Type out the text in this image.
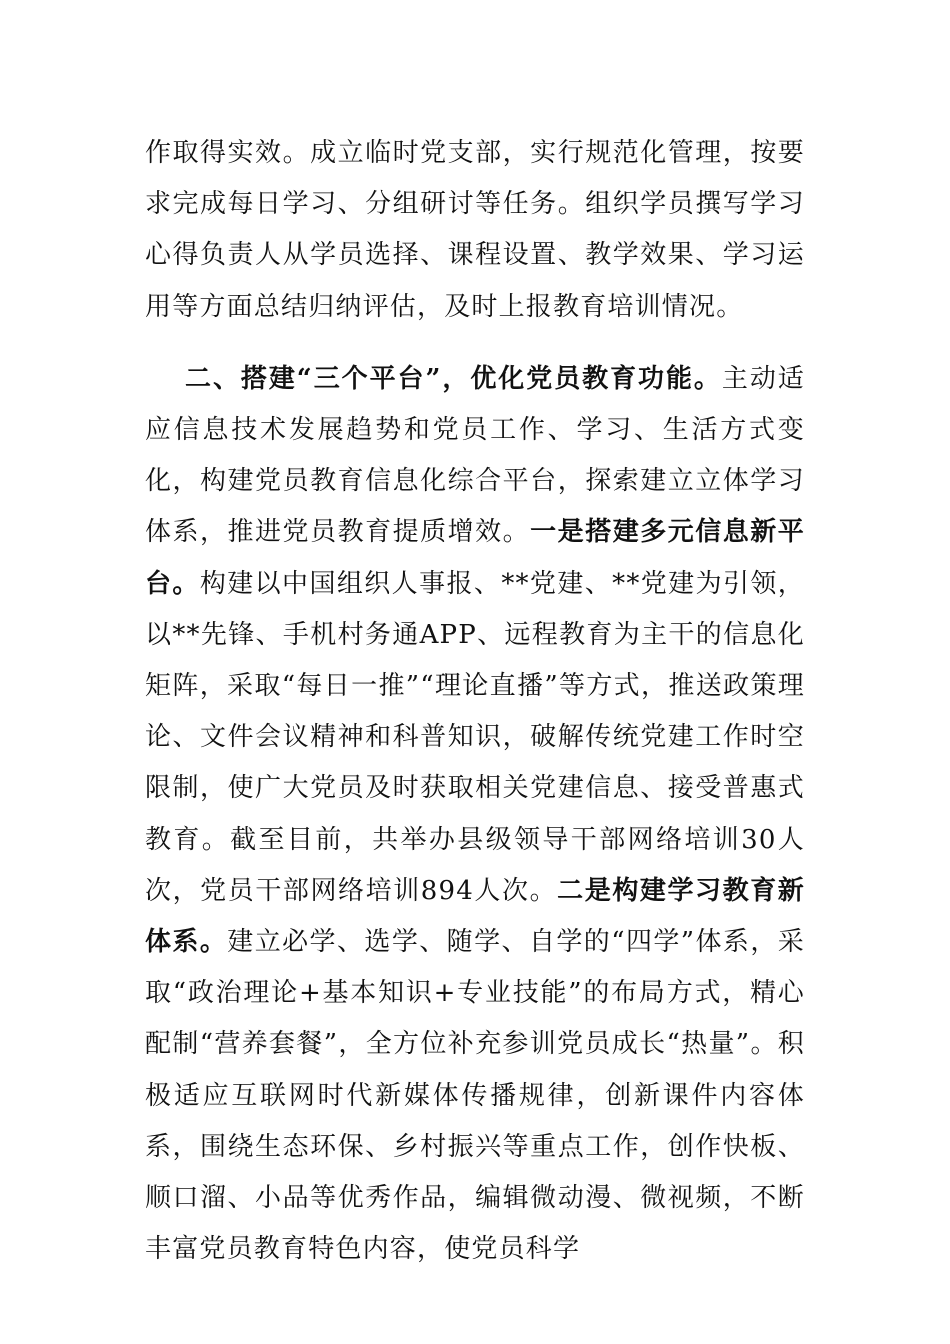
作取得实效。成立临时党支部，实行规范化管理，按要求完成每日学习、分组研讨等任务。组织学员撰写学习心得负责人从学员选择、课程设置、教学效果、学习运用等方面总结归纳评估，及时上报教育培训情况。

二、搭建“三个平台”，优化党员教育功能。主动适应信息技术发展趋势和党员工作、学习、生活方式变化，构建党员教育信息化综合平台，探索建立立体学习体系，推进党员教育提质增效。一是搭建多元信息新平台。构建以中国组织人事报、**党建、**党建为引领，以**先锋、手机村务通APP、远程教育为主干的信息化矩阵，采取“每日一推”“理论直播”等方式，推送政策理论、文件会议精神和科普知识，破解传统党建工作时空限制，使广大党员及时获取相关党建信息、接受普惠式教育。截至目前，共举办县级领导干部网络培训30人次，党员干部网络培训894人次。二是构建学习教育新体系。建立必学、选学、随学、自学的“四学”体系，采取“政治理论+基本知识+专业技能”的布局方式，精心配制“营养套餐”，全方位补充参训党员成长“热量”。积极适应互联网时代新媒体传播规律，创新课件内容体系，围绕生态环保、乡村振兴等重点工作，创作快板、顺口溜、小品等优秀作品，编辑微动漫、微视频，不断丰富党员教育特色内容，使党员科学
